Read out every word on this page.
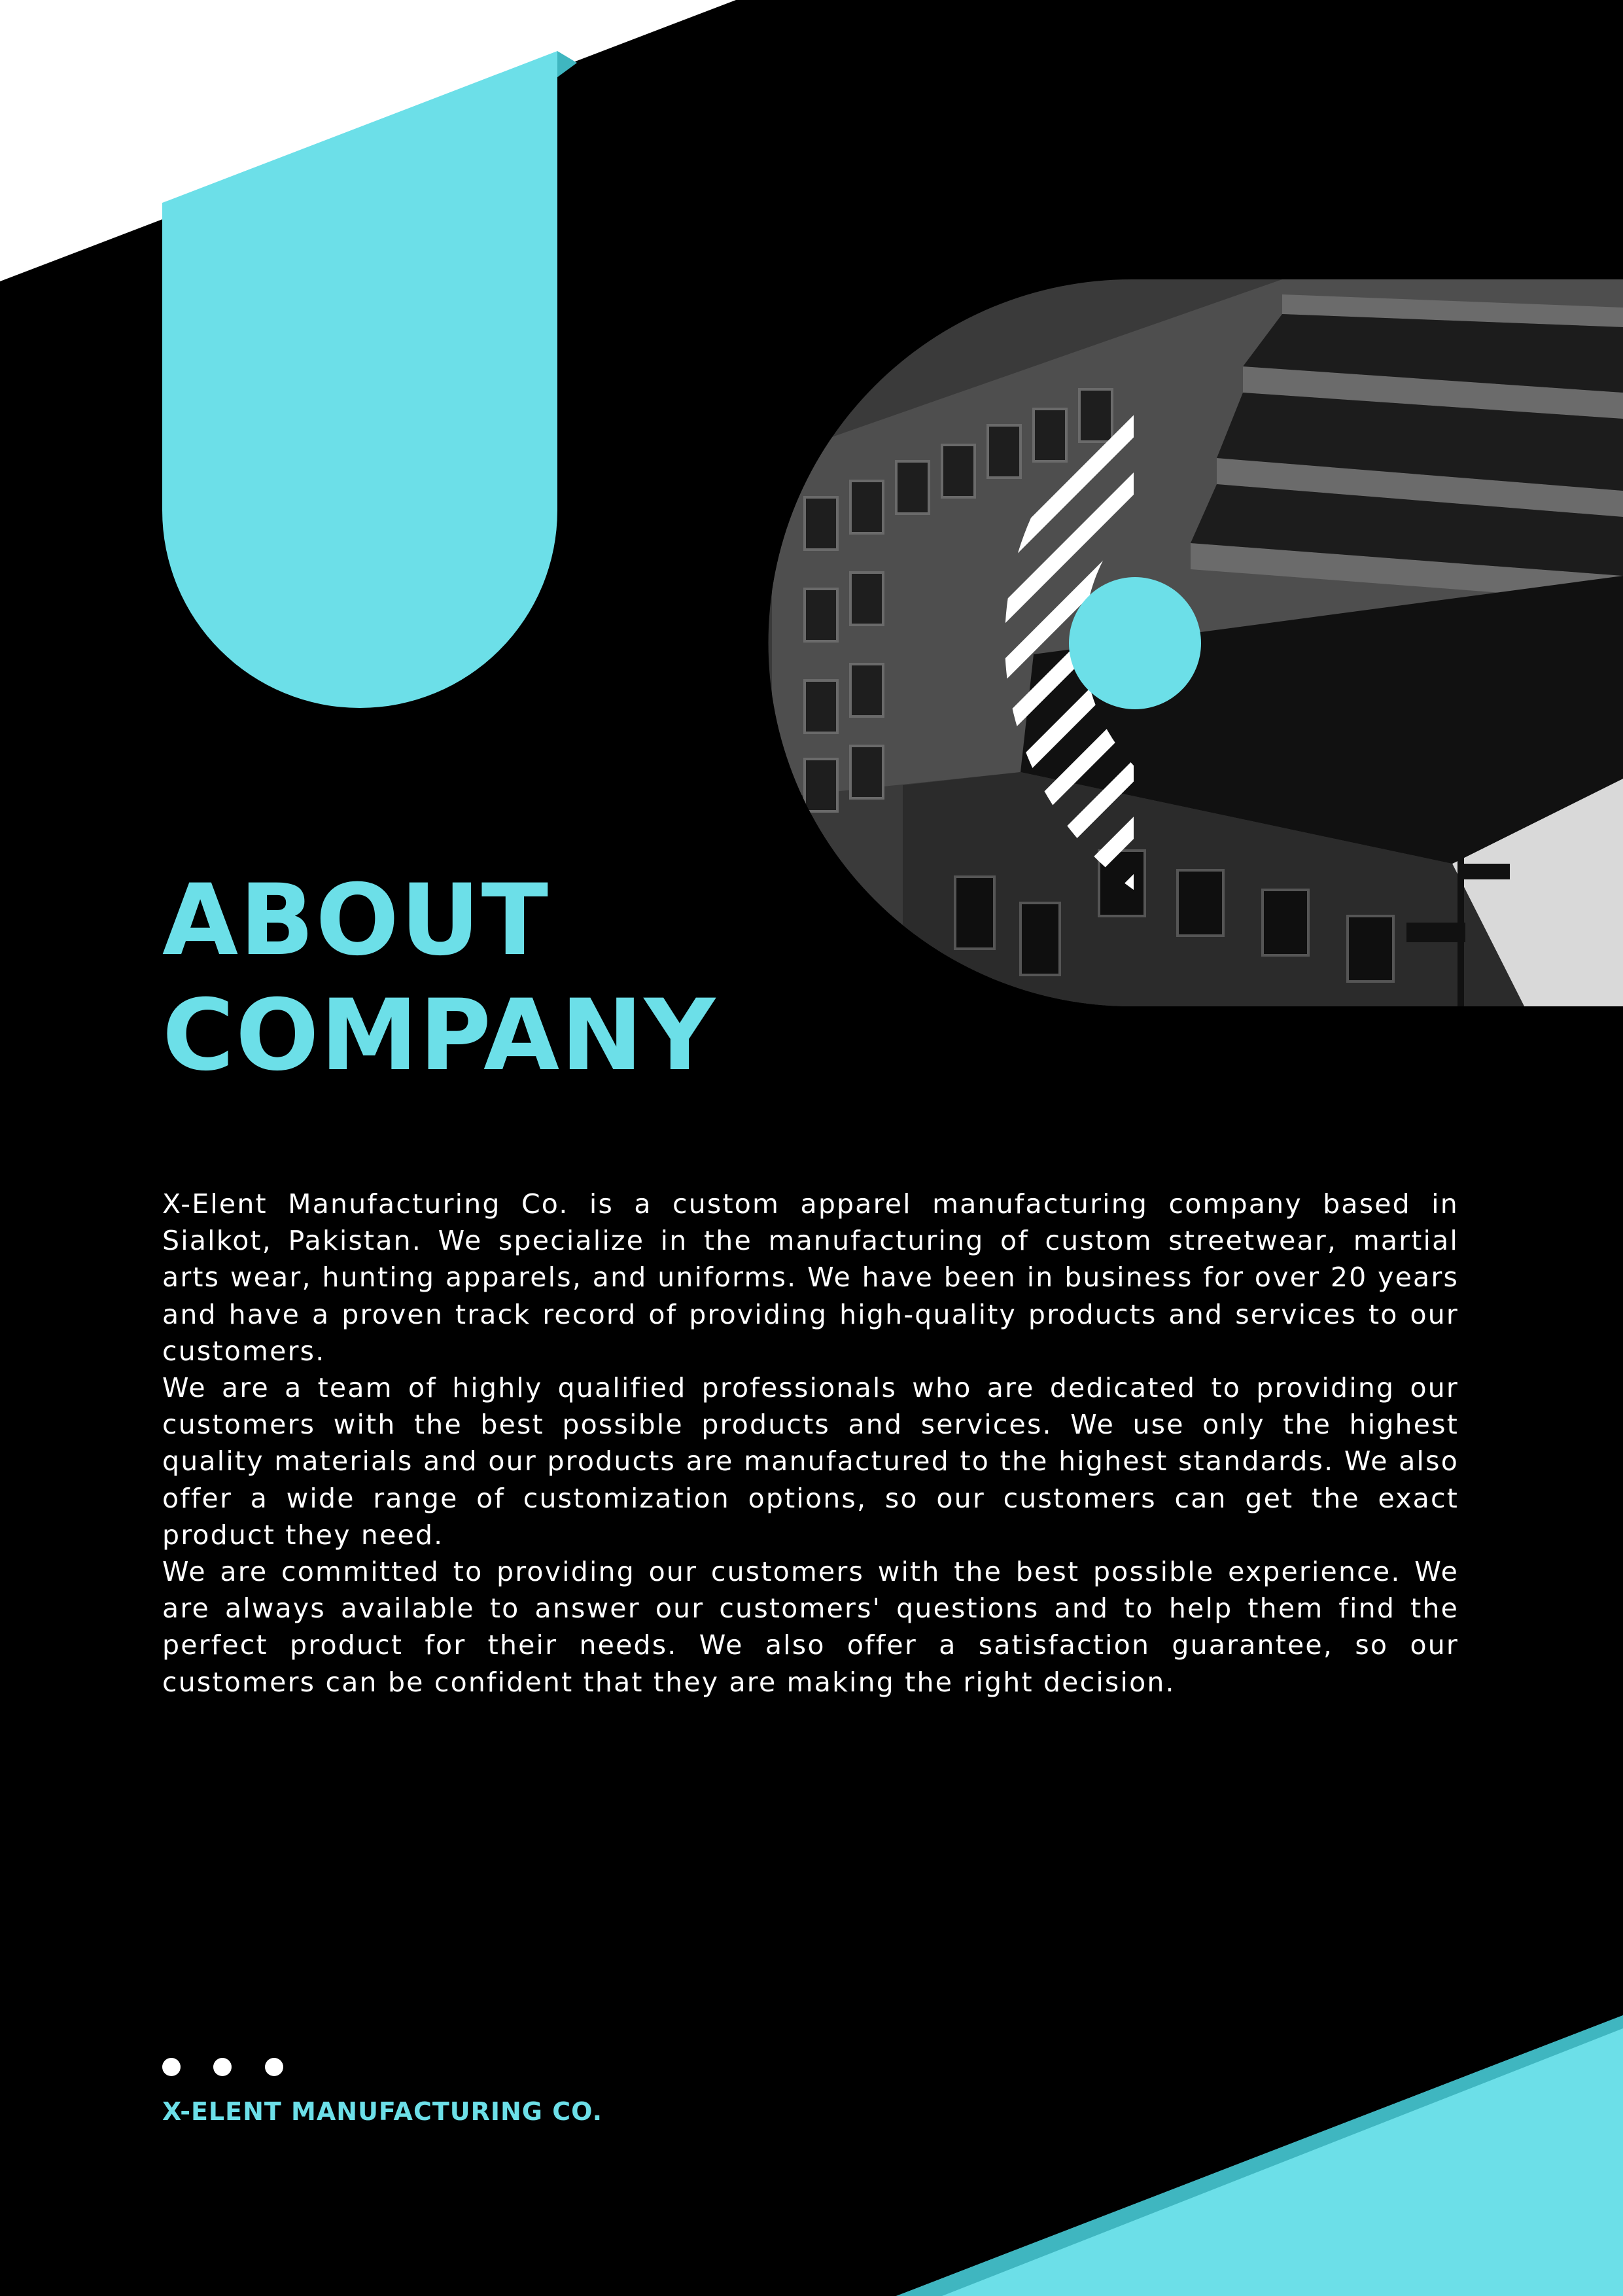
ABOUT
COMPANY

X-Elent Manufacturing Co. is a custom apparel manufacturing company based in Sialkot, Pakistan. We specialize in the manufacturing of custom streetwear, martial arts wear, hunting apparels, and uniforms. We have been in business for over 20 years and have a proven track record of providing high-quality products and services to our customers.

We are a team of highly qualified professionals who are dedicated to providing our customers with the best possible products and services. We use only the highest quality materials and our products are manufactured to the highest standards. We also offer a wide range of customization options, so our customers can get the exact product they need.

We are committed to providing our customers with the best possible experience. We are always available to answer our customers' questions and to help them find the perfect product for their needs. We also offer a satisfaction guarantee, so our customers can be confident that they are making the right decision.

X-ELENT MANUFACTURING CO.
